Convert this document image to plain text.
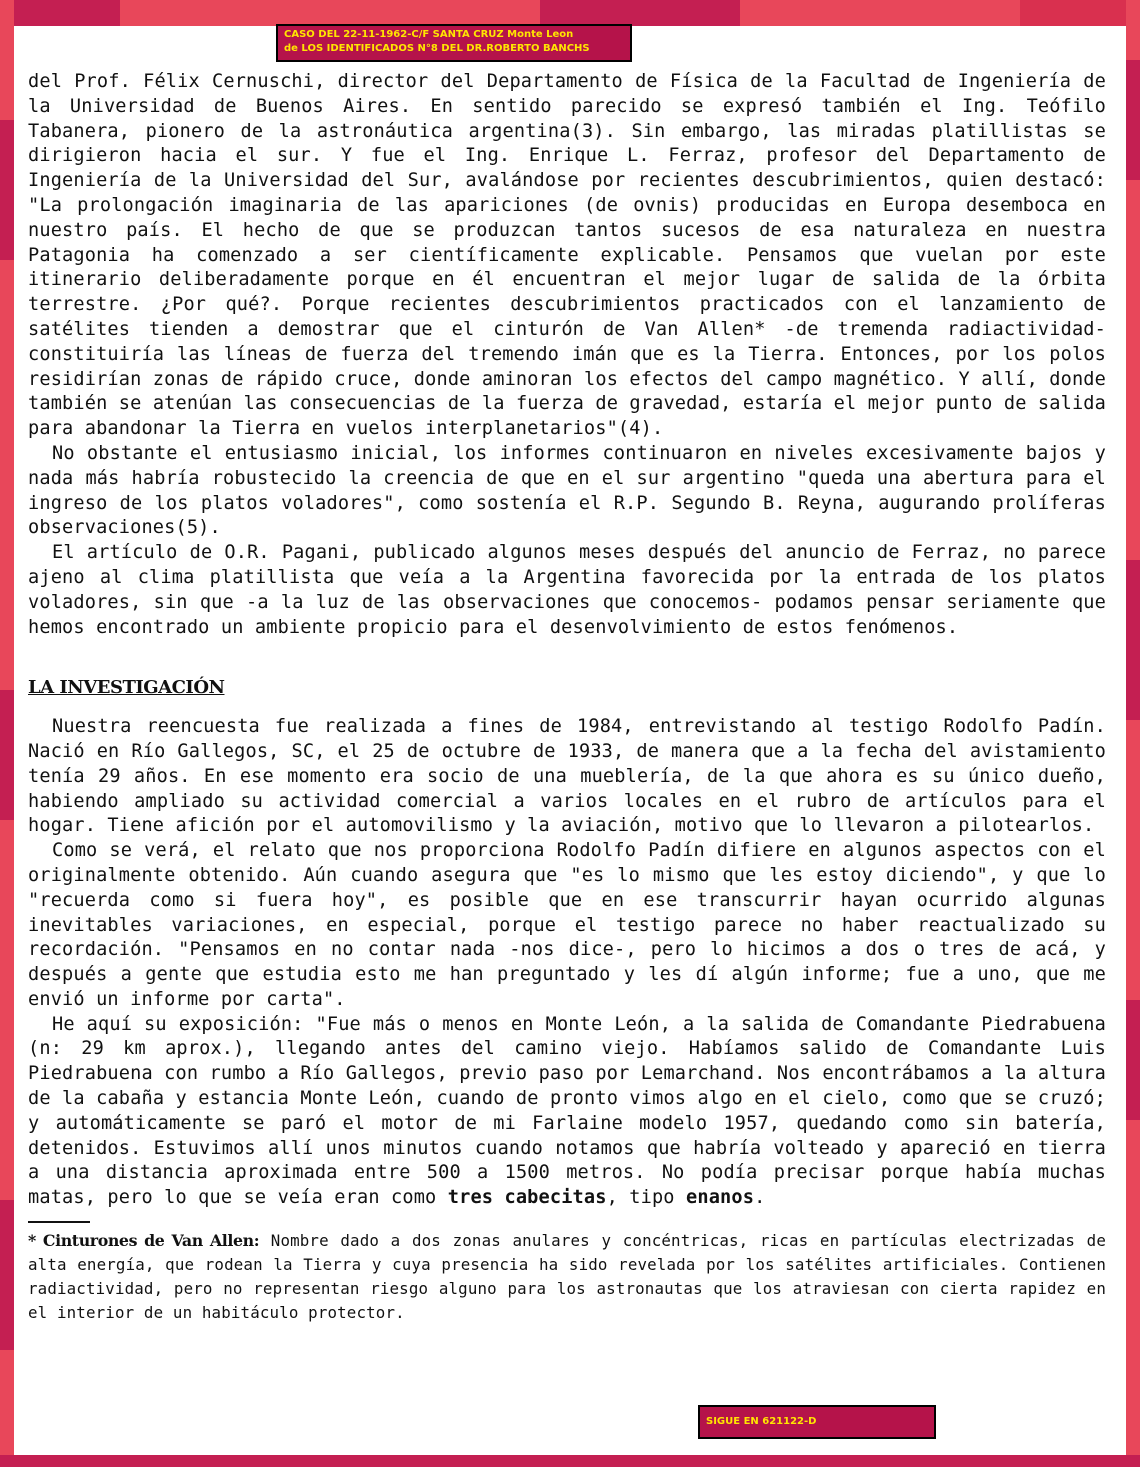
CASO DEL 22-11-1962-C/F SANTA CRUZ Monte Leon
de LOS IDENTIFICADOS N°8 DEL DR.ROBERTO BANCHS

del Prof. Félix Cernuschi, director del Departamento de Física de la Facultad de Ingeniería de la Universidad de Buenos Aires. En sentido parecido se expresó también el Ing. Teófilo Tabanera, pionero de la astronáutica argentina(3). Sin embargo, las miradas platillistas se dirigieron hacia el sur. Y fue el Ing. Enrique L. Ferraz, profesor del Departamento de Ingeniería de la Universidad del Sur, avalándose por recientes descubrimientos, quien destacó: "La prolongación imaginaria de las apariciones (de ovnis) producidas en Europa desemboca en nuestro país. El hecho de que se produzcan tantos sucesos de esa naturaleza en nuestra Patagonia ha comenzado a ser científicamente explicable. Pensamos que vuelan por este itinerario deliberadamente porque en él encuentran el mejor lugar de salida de la órbita terrestre. ¿Por qué?. Porque recientes descubrimientos practicados con el lanzamiento de satélites tienden a demostrar que el cinturón de Van Allen* -de tremenda radiactividad- constituiría las líneas de fuerza del tremendo imán que es la Tierra. Entonces, por los polos residirían zonas de rápido cruce, donde aminoran los efectos del campo magnético. Y allí, donde también se atenúan las consecuencias de la fuerza de gravedad, estaría el mejor punto de salida para abandonar la Tierra en vuelos interplanetarios"(4).

No obstante el entusiasmo inicial, los informes continuaron en niveles excesivamente bajos y nada más habría robustecido la creencia de que en el sur argentino "queda una abertura para el ingreso de los platos voladores", como sostenía el R.P. Segundo B. Reyna, augurando prolíferas observaciones(5).

El artículo de O.R. Pagani, publicado algunos meses después del anuncio de Ferraz, no parece ajeno al clima platillista que veía a la Argentina favorecida por la entrada de los platos voladores, sin que -a la luz de las observaciones que conocemos- podamos pensar seriamente que hemos encontrado un ambiente propicio para el desenvolvimiento de estos fenómenos.

LA INVESTIGACIÓN

Nuestra reencuesta fue realizada a fines de 1984, entrevistando al testigo Rodolfo Padín. Nació en Río Gallegos, SC, el 25 de octubre de 1933, de manera que a la fecha del avistamiento tenía 29 años. En ese momento era socio de una mueblería, de la que ahora es su único dueño, habiendo ampliado su actividad comercial a varios locales en el rubro de artículos para el hogar. Tiene afición por el automovilismo y la aviación, motivo que lo llevaron a pilotearlos.

Como se verá, el relato que nos proporciona Rodolfo Padín difiere en algunos aspectos con el originalmente obtenido. Aún cuando asegura que "es lo mismo que les estoy diciendo", y que lo "recuerda como si fuera hoy", es posible que en ese transcurrir hayan ocurrido algunas inevitables variaciones, en especial, porque el testigo parece no haber reactualizado su recordación. "Pensamos en no contar nada -nos dice-, pero lo hicimos a dos o tres de acá, y después a gente que estudia esto me han preguntado y les dí algún informe; fue a uno, que me envió un informe por carta".

He aquí su exposición: "Fue más o menos en Monte León, a la salida de Comandante Piedrabuena (n: 29 km aprox.), llegando antes del camino viejo. Habíamos salido de Comandante Luis Piedrabuena con rumbo a Río Gallegos, previo paso por Lemarchand. Nos encontrábamos a la altura de la cabaña y estancia Monte León, cuando de pronto vimos algo en el cielo, como que se cruzó; y automáticamente se paró el motor de mi Farlaine modelo 1957, quedando como sin batería, detenidos. Estuvimos allí unos minutos cuando notamos que habría volteado y apareció en tierra a una distancia aproximada entre 500 a 1500 metros. No podía precisar porque había muchas matas, pero lo que se veía eran como tres cabecitas, tipo enanos.

* Cinturones de Van Allen: Nombre dado a dos zonas anulares y concéntricas, ricas en partículas electrizadas de alta energía, que rodean la Tierra y cuya presencia ha sido revelada por los satélites artificiales. Contienen radiactividad, pero no representan riesgo alguno para los astronautas que los atraviesan con cierta rapidez en el interior de un habitáculo protector.

SIGUE EN 621122-D
